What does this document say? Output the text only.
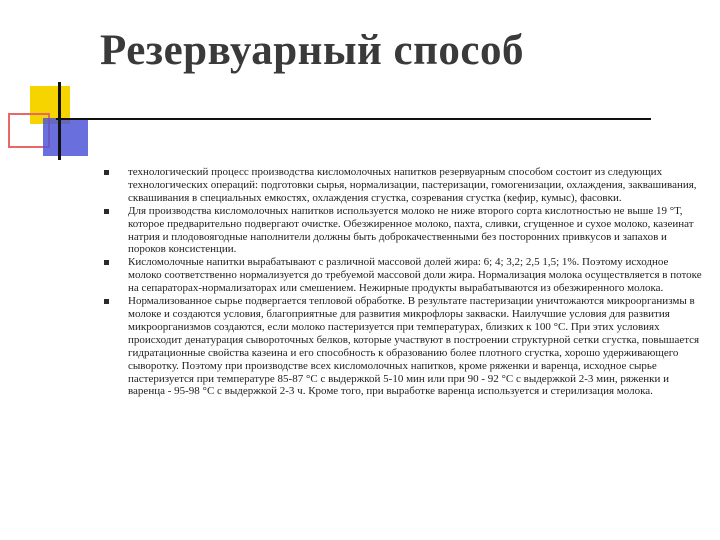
Резервуарный способ

технологический процесс производства кисломолочных напитков резервуарным способом состоит из следующих технологических операций: подготовки сырья, нормализации, пастеризации, гомогенизации, охлаждения, заквашивания, сквашивания в специальных емкостях, охлаждения сгустка, созревания сгустка (кефир, кумыс), фасовки.

Для производства кисломолочных напитков используется молоко не ниже второго сорта кислотностью не выше 19 °Т, которое предварительно подвергают очистке. Обезжиренное молоко, пахта, сливки, сгущенное и сухое молоко, казеинат натрия и плодовоягодные наполнители должны быть доброкачественными без посторонних привкусов и запахов и пороков консистенции.

Кисломолочные напитки вырабатывают с различной массовой долей жира: 6; 4; 3,2; 2,5 1,5; 1%. Поэтому исходное молоко соответственно нормализуется до требуемой массовой доли жира. Нормализация молока осуществляется в потоке на сепараторах-нормализаторах или смешением. Нежирные продукты вырабатываются из обезжиренного молока.

Нормализованное сырье подвергается тепловой обработке. В результате пастеризации уничтожаются микроорганизмы в молоке и создаются условия, благоприятные для развития микрофлоры закваски. Наилучшие условия для развития микроорганизмов создаются, если молоко пастеризуется при температурах, близких к 100 °С. При этих условиях происходит денатурация сывороточных белков, которые участвуют в построении структурной сетки сгустка, повышается гидратационные свойства казеина и его способность к образованию более плотного сгустка, хорошо удерживающего сыворотку. Поэтому при производстве всех кисломолочных напитков, кроме ряженки и варенца, исходное сырье пастеризуется при температуре 85-87 °С с выдержкой 5-10 мин или при 90 - 92 °С с выдержкой 2-3 мин, ряженки и варенца - 95-98 °С с выдержкой 2-3 ч. Кроме того, при выработке варенца используется и стерилизация молока.
